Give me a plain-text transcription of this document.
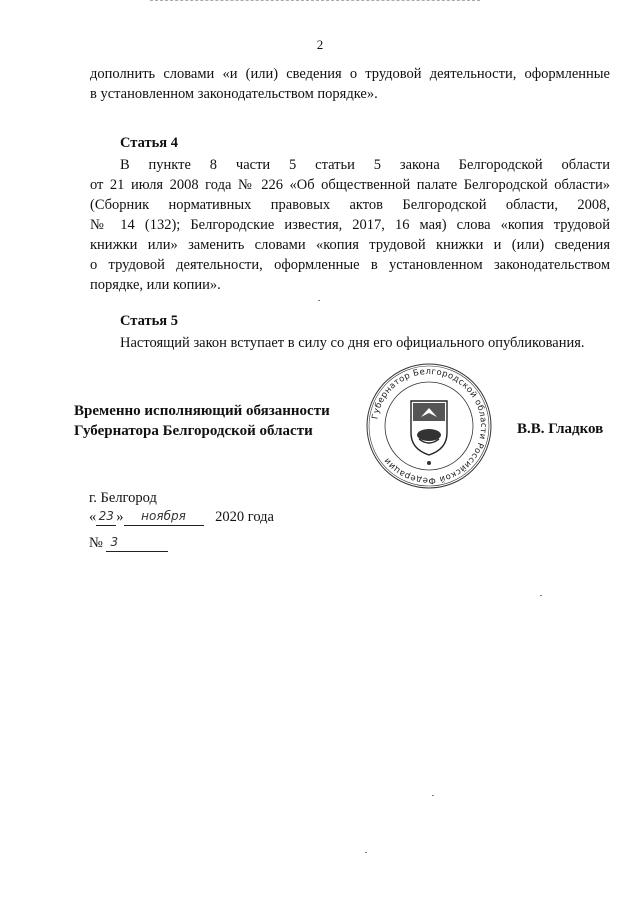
2
дополнить словами «и (или) сведения о трудовой деятельности, оформленные
в установленном законодательством порядке».
Статья 4
В пункте 8 части 5 статьи 5 закона Белгородской области
от 21 июля 2008 года № 226 «Об общественной палате Белгородской области»
(Сборник нормативных правовых актов Белгородской области, 2008,
№ 14 (132); Белгородские известия, 2017, 16 мая) слова «копия трудовой
книжки или» заменить словами «копия трудовой книжки и (или) сведения
о трудовой деятельности, оформленные в установленном законодательством
порядке, или копии».
Статья 5
Настоящий закон вступает в силу со дня его официального опубликования.
Временно исполняющий обязанности
Губернатора Белгородской области
Губернатор Белгородской области Российской Федерации
В.В. Гладков
г. Белгород
« 23 » ноября 2020 года
№ 3
